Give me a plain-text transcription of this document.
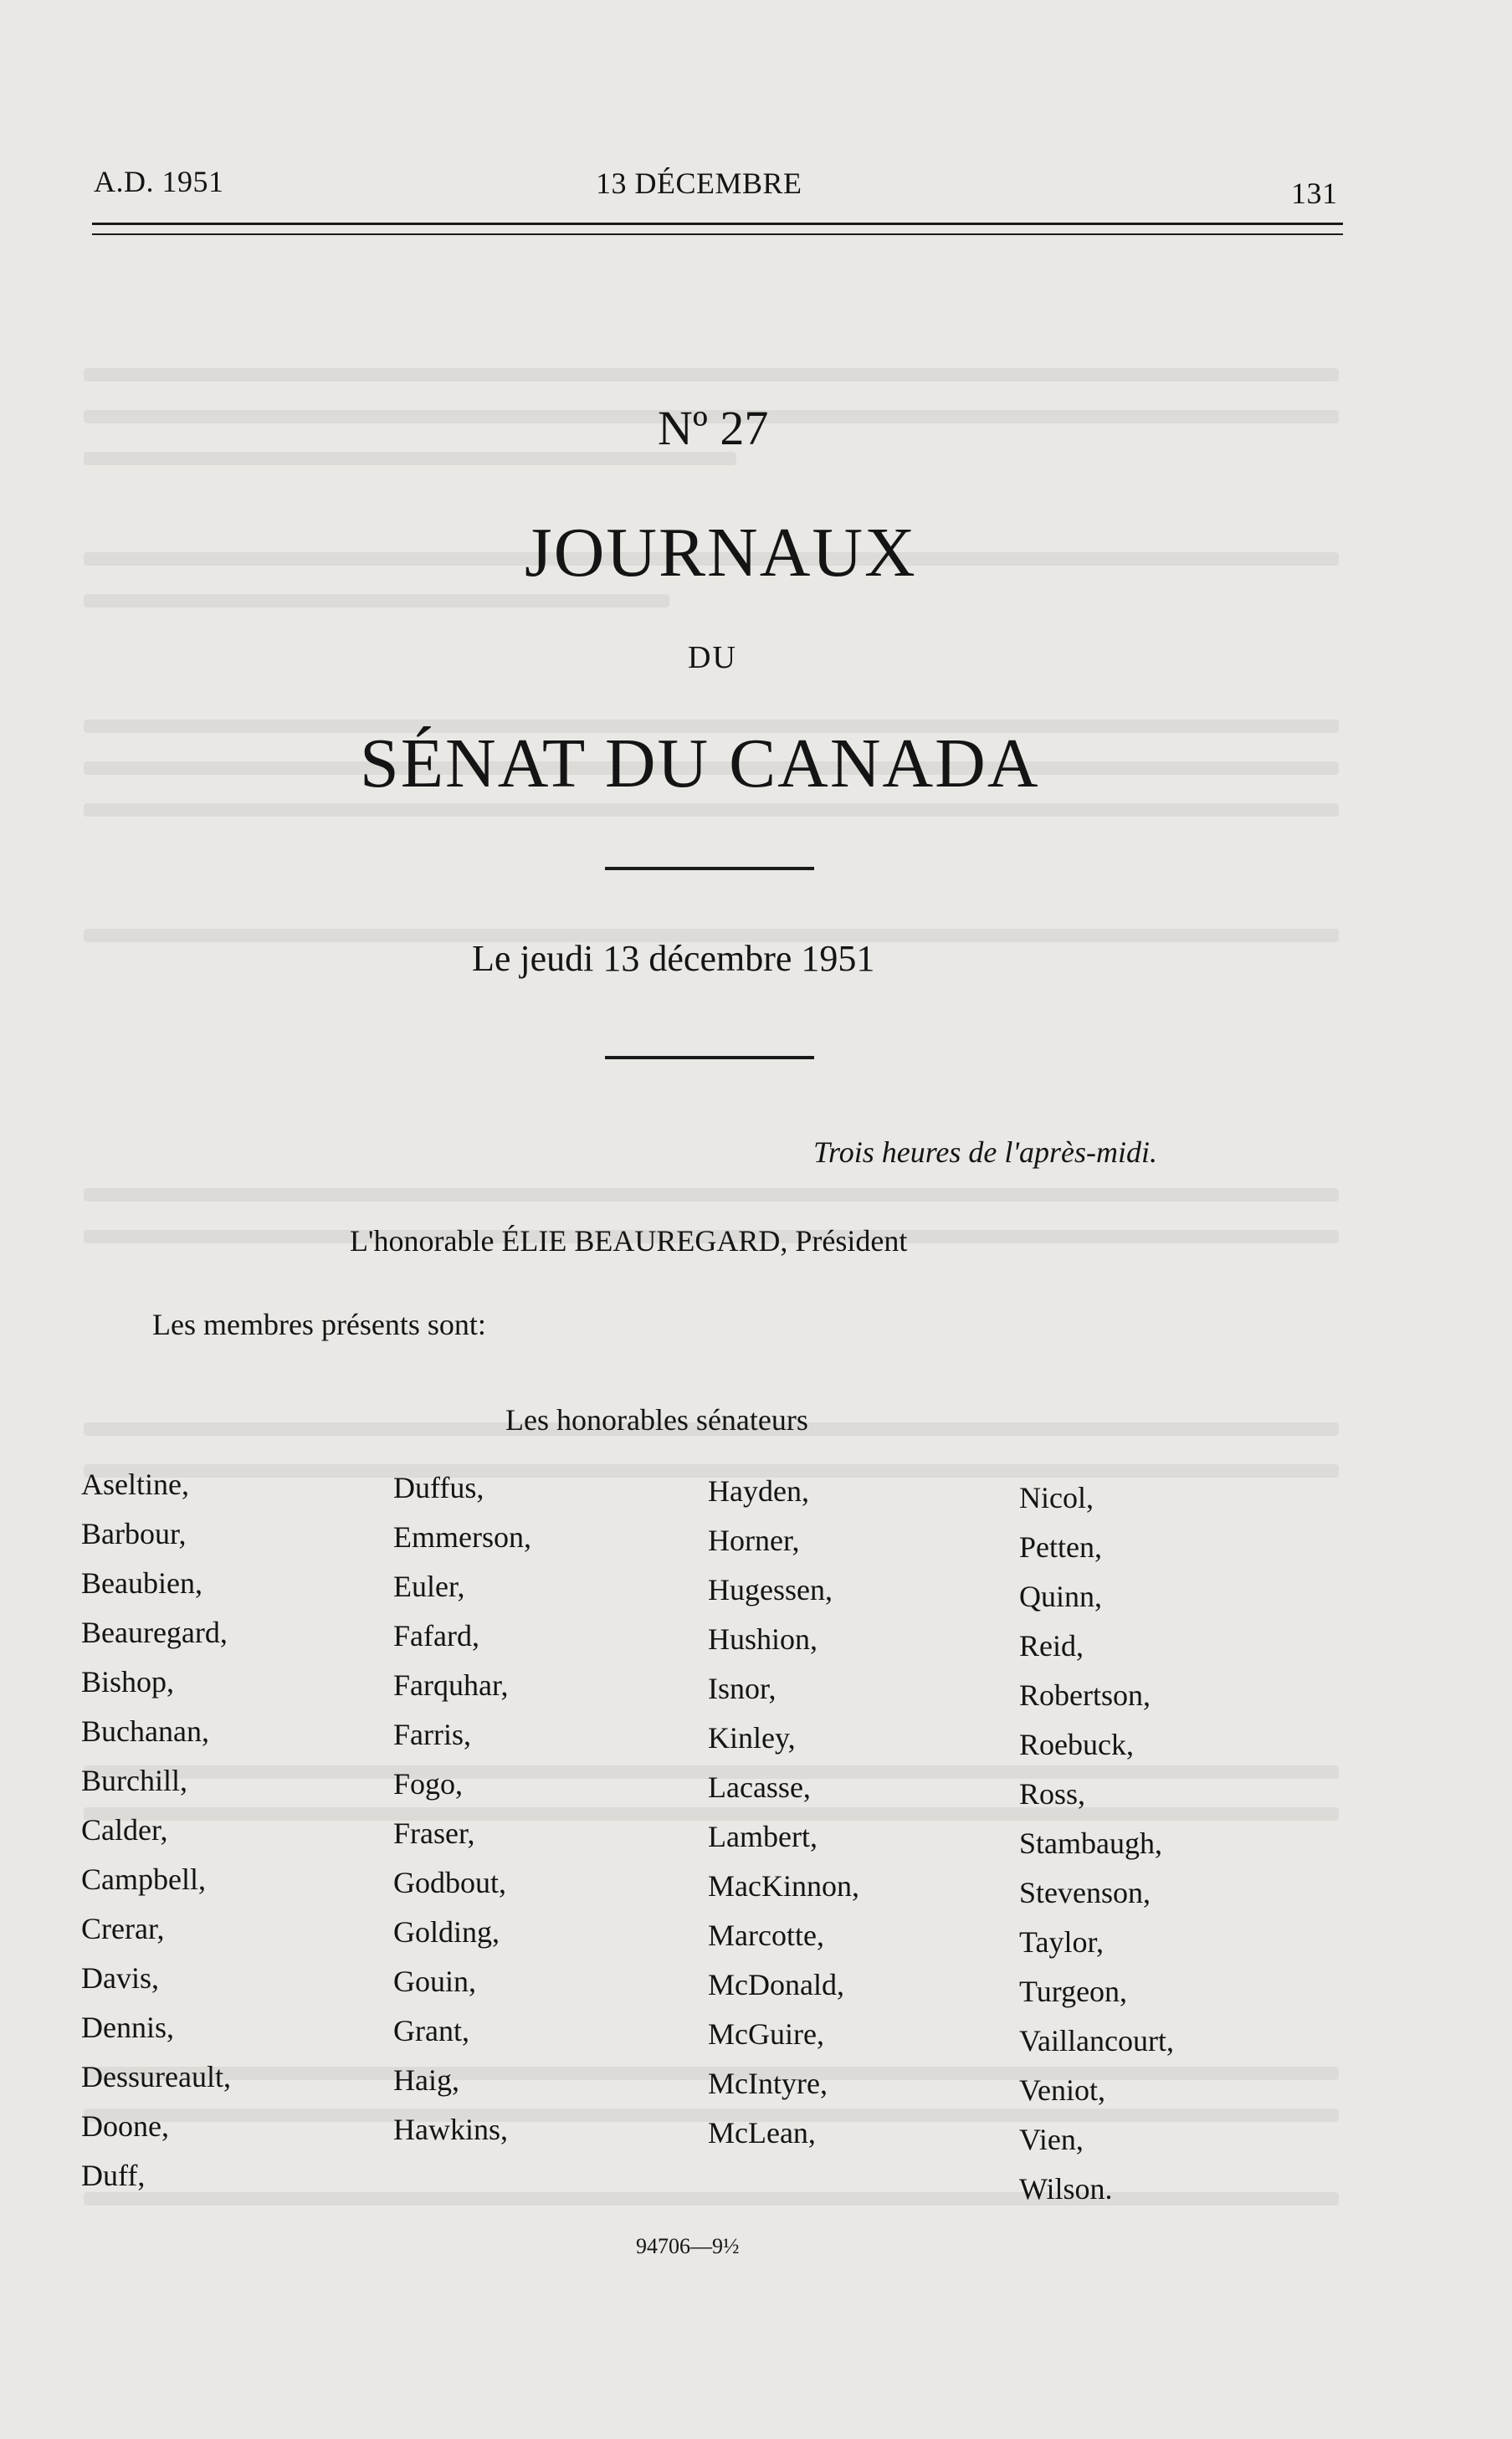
A.D. 1951	13 DÉCEMBRE	131
Nº 27
JOURNAUX
DU
SÉNAT DU CANADA
Le jeudi 13 décembre 1951
Trois heures de l'après-midi.
L'honorable ÉLIE BEAUREGARD, Président
Les membres présents sont:
Les honorables sénateurs
Aseltine,
Barbour,
Beaubien,
Beauregard,
Bishop,
Buchanan,
Burchill,
Calder,
Campbell,
Crerar,
Davis,
Dennis,
Dessureault,
Doone,
Duff,
Duffus,
Emmerson,
Euler,
Fafard,
Farquhar,
Farris,
Fogo,
Fraser,
Godbout,
Golding,
Gouin,
Grant,
Haig,
Hawkins,
Hayden,
Horner,
Hugessen,
Hushion,
Isnor,
Kinley,
Lacasse,
Lambert,
MacKinnon,
Marcotte,
McDonald,
McGuire,
McIntyre,
McLean,
Nicol,
Petten,
Quinn,
Reid,
Robertson,
Roebuck,
Ross,
Stambaugh,
Stevenson,
Taylor,
Turgeon,
Vaillancourt,
Veniot,
Vien,
Wilson.
94706—9½
